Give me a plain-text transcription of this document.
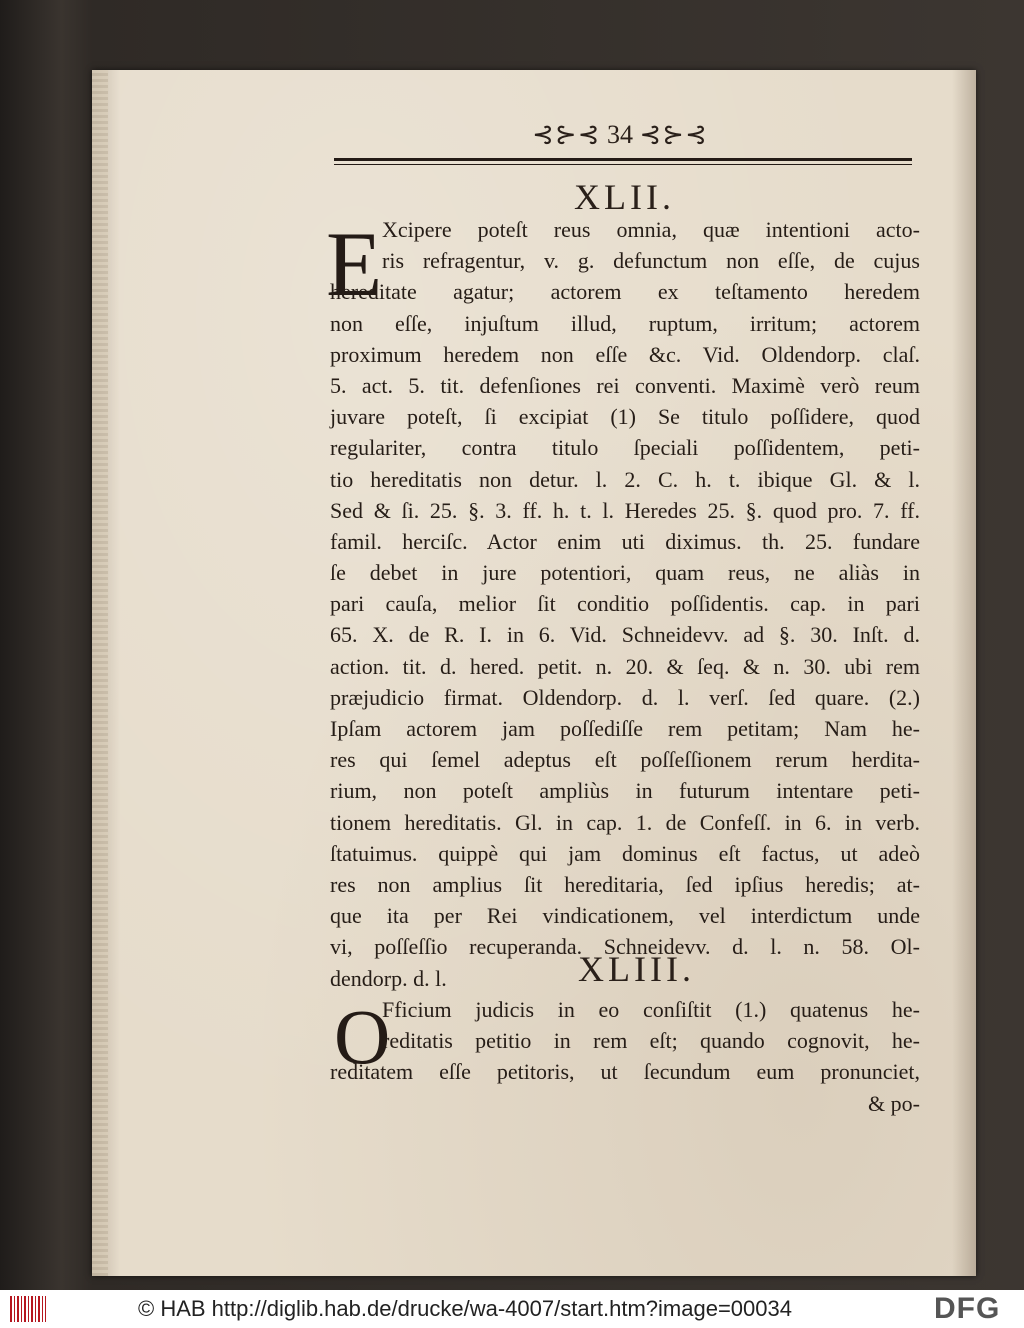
⊰⊱⊰ 34 ⊰⊱⊰
XLII.
E Xcipere poteſt reus omnia, quæ intentioni acto-
ris refragentur, v. g. defunctum non eſſe, de cujus
hereditate agatur; actorem ex teſtamento heredem
non eſſe, injuſtum illud, ruptum, irritum; actorem
proximum heredem non eſſe &c. Vid. Oldendorp. claſ.
5. act. 5. tit. defenſiones rei conventi. Maximè verò reum
juvare poteſt, ſi excipiat (1) Se titulo poſſidere, quod
regulariter, contra titulo ſpeciali poſſidentem, peti-
tio hereditatis non detur. l. 2. C. h. t. ibique Gl. & l.
Sed & ſi. 25. §. 3. ff. h. t. l. Heredes 25. §. quod pro. 7. ff.
famil. herciſc. Actor enim uti diximus. th. 25. fundare
ſe debet in jure potentiori, quam reus, ne aliàs in
pari cauſa, melior ſit conditio poſſidentis. cap. in pari
65. X. de R. I. in 6. Vid. Schneidevv. ad §. 30. Inſt. d.
action. tit. d. hered. petit. n. 20. & ſeq. & n. 30. ubi rem
præjudicio firmat. Oldendorp. d. l. verſ. ſed quare. (2.)
Ipſam actorem jam poſſediſſe rem petitam; Nam he-
res qui ſemel adeptus eſt poſſeſſionem rerum herdita-
rium, non poteſt ampliùs in futurum intentare peti-
tionem hereditatis. Gl. in cap. 1. de Confeſſ. in 6. in verb.
ſtatuimus. quippè qui jam dominus eſt factus, ut adeò
res non amplius ſit hereditaria, ſed ipſius heredis; at-
que ita per Rei vindicationem, vel interdictum unde
vi, poſſeſſio recuperanda. Schneidevv. d. l. n. 58. Ol-
dendorp. d. l.	XLIII.
O
Fficium judicis in eo conſiſtit (1.) quatenus he-
reditatis petitio in rem eſt; quando cognovit, he-
reditatem eſſe petitoris, ut ſecundum eum pronunciet,
& po-
© HAB http://diglib.hab.de/drucke/wa-4007/start.htm?image=00034	DFG
